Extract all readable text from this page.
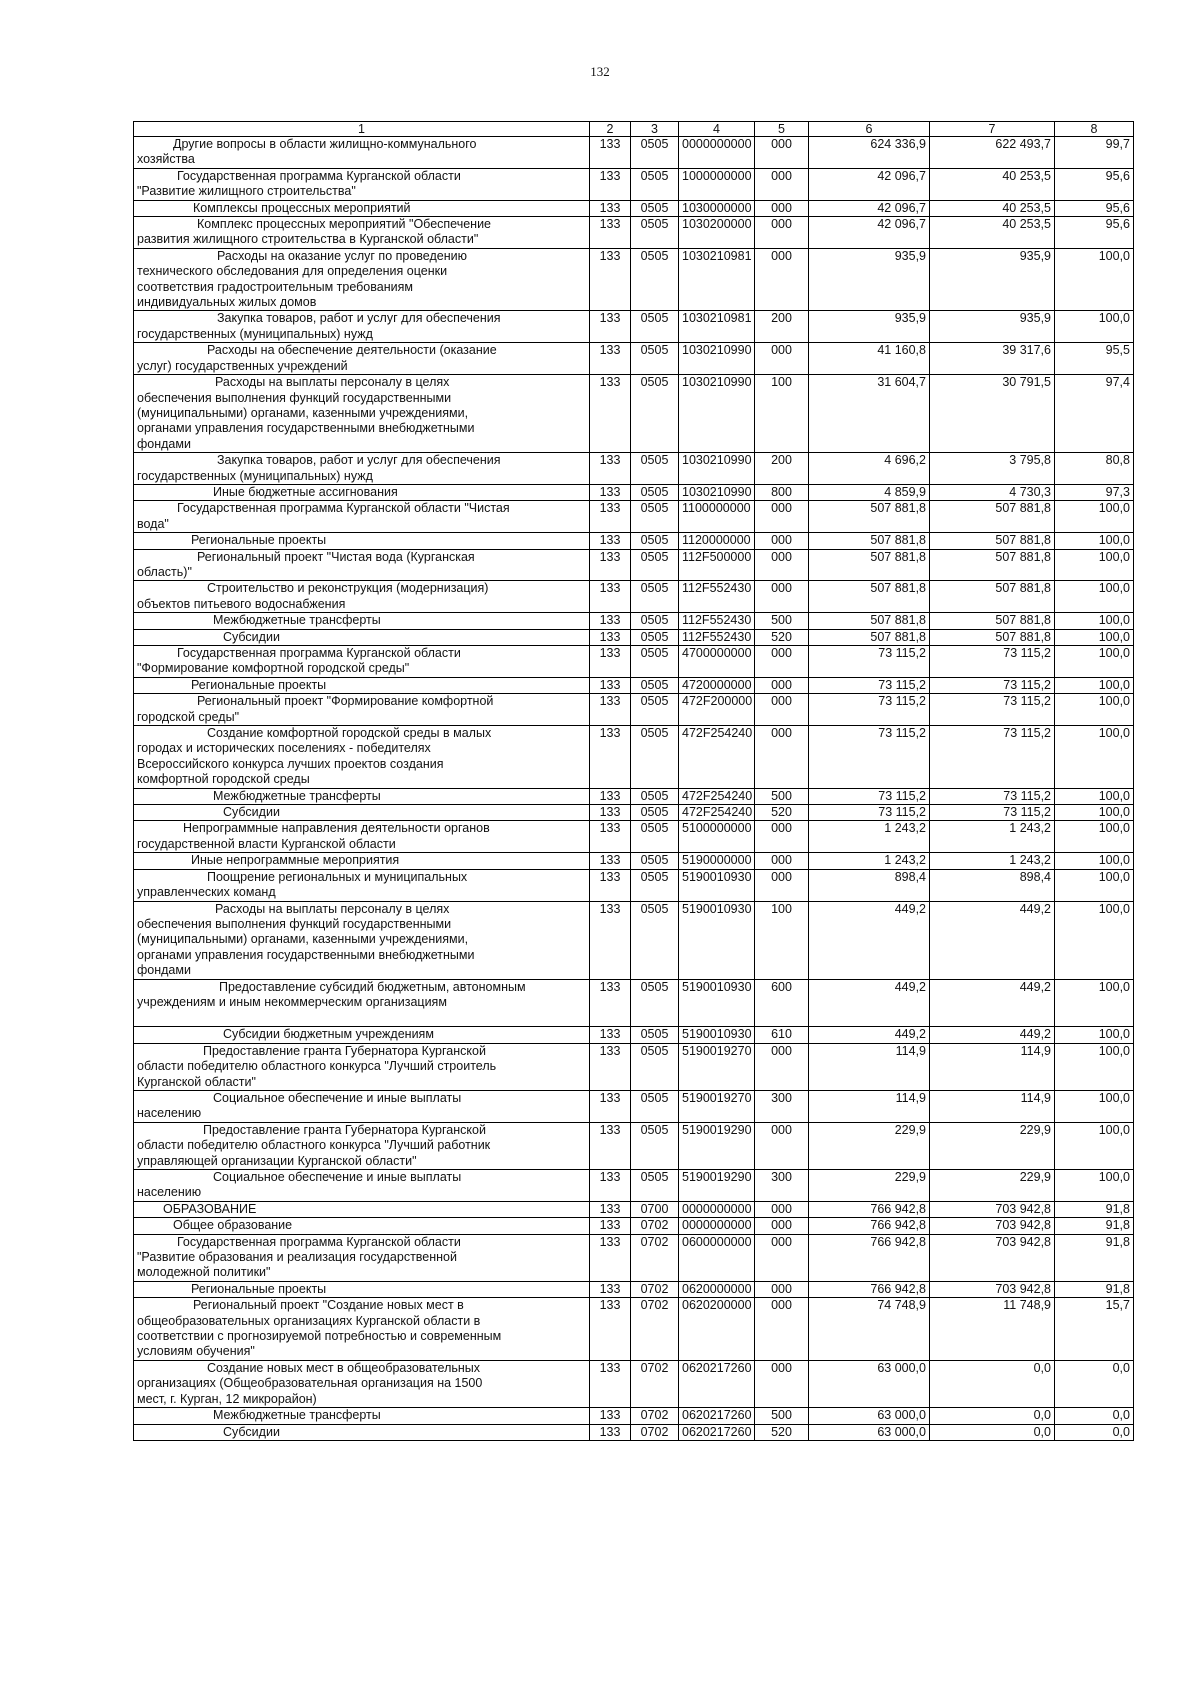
132
1	2	3	4	5	6	7	8
Другие вопросы в области жилищно-коммунального
хозяйства	133	0505	0000000000	000	624 336,9	622 493,7	99,7
Государственная программа Курганской области
"Развитие жилищного строительства"	133	0505	1000000000	000	42 096,7	40 253,5	95,6
Комплексы процессных мероприятий	133	0505	1030000000	000	42 096,7	40 253,5	95,6
Комплекс процессных мероприятий "Обеспечение
развития жилищного строительства в Курганской области"	133	0505	1030200000	000	42 096,7	40 253,5	95,6
Расходы на оказание услуг по проведению
технического обследования для определения оценки
соответствия градостроительным требованиям
индивидуальных жилых домов	133	0505	1030210981	000	935,9	935,9	100,0
Закупка товаров, работ и услуг для обеспечения
государственных (муниципальных) нужд	133	0505	1030210981	200	935,9	935,9	100,0
Расходы на обеспечение деятельности (оказание
услуг) государственных учреждений	133	0505	1030210990	000	41 160,8	39 317,6	95,5
Расходы на выплаты персоналу в целях
обеспечения выполнения функций государственными
(муниципальными) органами, казенными учреждениями,
органами управления государственными внебюджетными
фондами	133	0505	1030210990	100	31 604,7	30 791,5	97,4
Закупка товаров, работ и услуг для обеспечения
государственных (муниципальных) нужд	133	0505	1030210990	200	4 696,2	3 795,8	80,8
Иные бюджетные ассигнования	133	0505	1030210990	800	4 859,9	4 730,3	97,3
Государственная программа Курганской области "Чистая
вода"	133	0505	1100000000	000	507 881,8	507 881,8	100,0
Региональные проекты	133	0505	1120000000	000	507 881,8	507 881,8	100,0
Региональный проект "Чистая вода (Курганская
область)"	133	0505	112F500000	000	507 881,8	507 881,8	100,0
Строительство и реконструкция (модернизация)
объектов питьевого водоснабжения	133	0505	112F552430	000	507 881,8	507 881,8	100,0
Межбюджетные трансферты	133	0505	112F552430	500	507 881,8	507 881,8	100,0
Субсидии	133	0505	112F552430	520	507 881,8	507 881,8	100,0
Государственная программа Курганской области
"Формирование комфортной городской среды"	133	0505	4700000000	000	73 115,2	73 115,2	100,0
Региональные проекты	133	0505	4720000000	000	73 115,2	73 115,2	100,0
Региональный проект "Формирование комфортной
городской среды"	133	0505	472F200000	000	73 115,2	73 115,2	100,0
Создание комфортной городской среды в малых
городах и исторических поселениях - победителях
Всероссийского конкурса лучших проектов создания
комфортной городской среды	133	0505	472F254240	000	73 115,2	73 115,2	100,0
Межбюджетные трансферты	133	0505	472F254240	500	73 115,2	73 115,2	100,0
Субсидии	133	0505	472F254240	520	73 115,2	73 115,2	100,0
Непрограммные направления деятельности органов
государственной власти Курганской области	133	0505	5100000000	000	1 243,2	1 243,2	100,0
Иные непрограммные мероприятия	133	0505	5190000000	000	1 243,2	1 243,2	100,0
Поощрение региональных и муниципальных
управленческих команд	133	0505	5190010930	000	898,4	898,4	100,0
Расходы на выплаты персоналу в целях
обеспечения выполнения функций государственными
(муниципальными) органами, казенными учреждениями,
органами управления государственными внебюджетными
фондами	133	0505	5190010930	100	449,2	449,2	100,0
Предоставление субсидий бюджетным, автономным
учреждениям и иным некоммерческим организациям	133	0505	5190010930	600	449,2	449,2	100,0
Субсидии бюджетным учреждениям	133	0505	5190010930	610	449,2	449,2	100,0
Предоставление гранта Губернатора Курганской
области победителю областного конкурса "Лучший строитель
Курганской области"	133	0505	5190019270	000	114,9	114,9	100,0
Социальное обеспечение и иные выплаты
населению	133	0505	5190019270	300	114,9	114,9	100,0
Предоставление гранта Губернатора Курганской
области победителю областного конкурса "Лучший работник
управляющей организации Курганской области"	133	0505	5190019290	000	229,9	229,9	100,0
Социальное обеспечение и иные выплаты
населению	133	0505	5190019290	300	229,9	229,9	100,0
ОБРАЗОВАНИЕ	133	0700	0000000000	000	766 942,8	703 942,8	91,8
Общее образование	133	0702	0000000000	000	766 942,8	703 942,8	91,8
Государственная программа Курганской области
"Развитие образования и реализация государственной
молодежной политики"	133	0702	0600000000	000	766 942,8	703 942,8	91,8
Региональные проекты	133	0702	0620000000	000	766 942,8	703 942,8	91,8
Региональный проект "Создание новых мест в
общеобразовательных организациях Курганской области в
соответствии с прогнозируемой потребностью и современным
условиям обучения"	133	0702	0620200000	000	74 748,9	11 748,9	15,7
Создание новых мест в общеобразовательных
организациях (Общеобразовательная организация на 1500
мест, г. Курган, 12 микрорайон)	133	0702	0620217260	000	63 000,0	0,0	0,0
Межбюджетные трансферты	133	0702	0620217260	500	63 000,0	0,0	0,0
Субсидии	133	0702	0620217260	520	63 000,0	0,0	0,0
